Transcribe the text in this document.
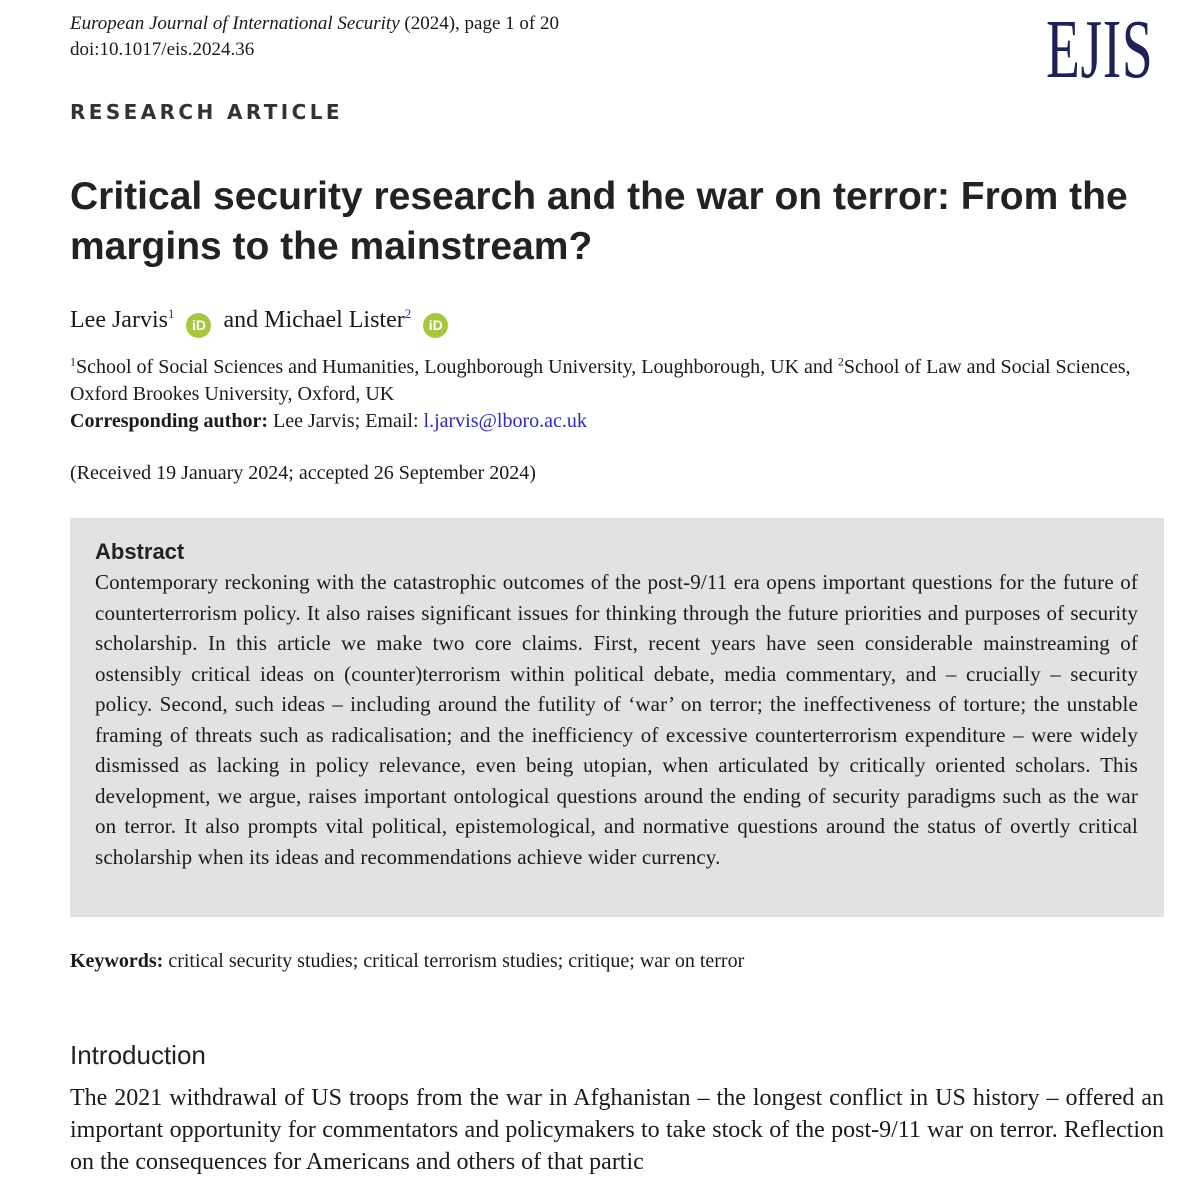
European Journal of International Security (2024), page 1 of 20
doi:10.1017/eis.2024.36	EJIS
RESEARCH ARTICLE
Critical security research and the war on terror: From the margins to the mainstream?
Lee Jarvis$^1$ iD and Michael Lister$^2$ iD
$^1$School of Social Sciences and Humanities, Loughborough University, Loughborough, UK and $^2$School of Law and Social Sciences, Oxford Brookes University, Oxford, UK
Corresponding author: Lee Jarvis; Email: l.jarvis@lboro.ac.uk
(Received 19 January 2024; accepted 26 September 2024)
Abstract

Contemporary reckoning with the catastrophic outcomes of the post-9/11 era opens important questions for the future of counterterrorism policy. It also raises significant issues for thinking through the future priorities and purposes of security scholarship. In this article we make two core claims. First, recent years have seen considerable mainstreaming of ostensibly critical ideas on (counter)terrorism within political debate, media commentary, and – crucially – security policy. Second, such ideas – including around the futility of ‘war’ on terror; the ineffectiveness of torture; the unstable framing of threats such as radicalisation; and the inefficiency of excessive counterterrorism expenditure – were widely dismissed as lacking in policy relevance, even being utopian, when articulated by critically oriented scholars. This development, we argue, raises important ontological questions around the ending of security paradigms such as the war on terror. It also prompts vital political, epistemological, and normative questions around the status of overtly critical scholarship when its ideas and recommendations achieve wider currency.

Keywords: critical security studies; critical terrorism studies; critique; war on terror
Introduction

The 2021 withdrawal of US troops from the war in Afghanistan – the longest conflict in US history – offered an important opportunity for commentators and policymakers to take stock of the post-9/11 war on terror. Reflection on the consequences for Americans and others of that partic
